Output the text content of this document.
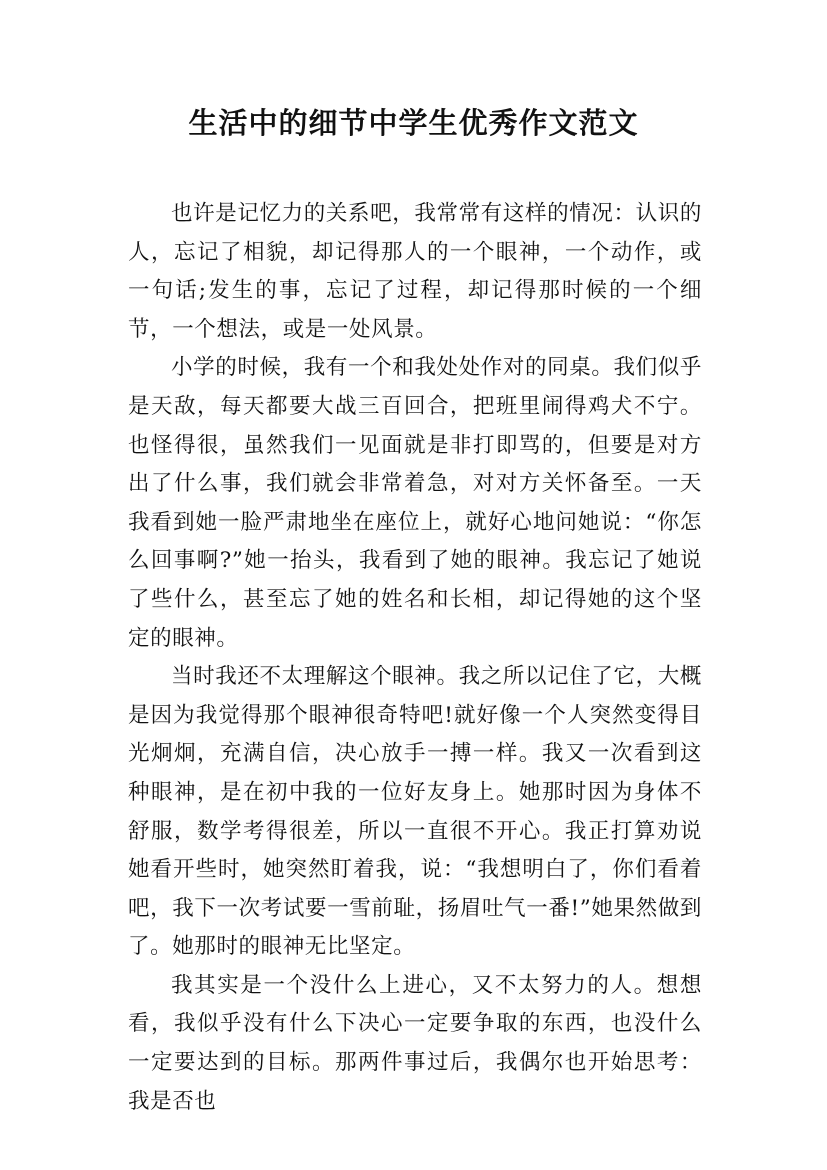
生活中的细节中学生优秀作文范文

也许是记忆力的关系吧，我常常有这样的情况：认识的人，忘记了相貌，却记得那人的一个眼神，一个动作，或一句话;发生的事，忘记了过程，却记得那时候的一个细节，一个想法，或是一处风景。

小学的时候，我有一个和我处处作对的同桌。我们似乎是天敌，每天都要大战三百回合，把班里闹得鸡犬不宁。也怪得很，虽然我们一见面就是非打即骂的，但要是对方出了什么事，我们就会非常着急，对对方关怀备至。一天我看到她一脸严肃地坐在座位上，就好心地问她说：“你怎么回事啊?”她一抬头，我看到了她的眼神。我忘记了她说了些什么，甚至忘了她的姓名和长相，却记得她的这个坚定的眼神。

当时我还不太理解这个眼神。我之所以记住了它，大概是因为我觉得那个眼神很奇特吧!就好像一个人突然变得目光炯炯，充满自信，决心放手一搏一样。我又一次看到这种眼神，是在初中我的一位好友身上。她那时因为身体不舒服，数学考得很差，所以一直很不开心。我正打算劝说她看开些时，她突然盯着我，说：“我想明白了，你们看着吧，我下一次考试要一雪前耻，扬眉吐气一番!”她果然做到了。她那时的眼神无比坚定。

我其实是一个没什么上进心，又不太努力的人。想想看，我似乎没有什么下决心一定要争取的东西，也没什么一定要达到的目标。那两件事过后，我偶尔也开始思考：我是否也
